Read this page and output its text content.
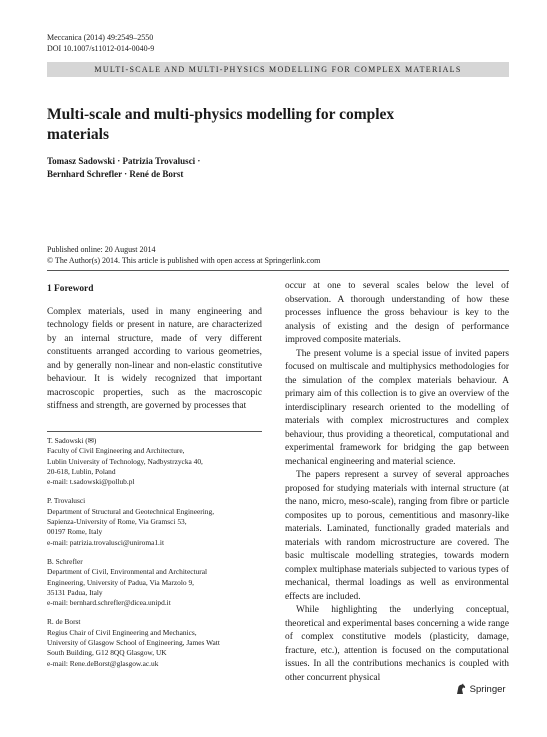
Meccanica (2014) 49:2549–2550
DOI 10.1007/s11012-014-0040-9
MULTI-SCALE AND MULTI-PHYSICS MODELLING FOR COMPLEX MATERIALS
Multi-scale and multi-physics modelling for complex materials
Tomasz Sadowski · Patrizia Trovalusci ·
Bernhard Schrefler · René de Borst
Published online: 20 August 2014
© The Author(s) 2014. This article is published with open access at Springerlink.com

1 Foreword

Complex materials, used in many engineering and technology fields or present in nature, are characterized by an internal structure, made of very different constituents arranged according to various geometries, and by generally non-linear and non-elastic constitutive behaviour. It is widely recognized that important macroscopic properties, such as the macroscopic stiffness and strength, are governed by processes that

T. Sadowski (✉)
Faculty of Civil Engineering and Architecture,
Lublin University of Technology, Nadbystrzycka 40,
20-618, Lublin, Poland
e-mail: t.sadowski@pollub.pl
P. Trovalusci
Department of Structural and Geotechnical Engineering,
Sapienza-University of Rome, Via Gramsci 53,
00197 Rome, Italy
e-mail: patrizia.trovalusci@uniroma1.it
B. Schrefler
Department of Civil, Environmental and Architectural
Engineering, University of Padua, Via Marzolo 9,
35131 Padua, Italy
e-mail: bernhard.schrefler@dicea.unipd.it
R. de Borst
Regius Chair of Civil Engineering and Mechanics,
University of Glasgow School of Engineering, James Watt
South Building, G12 8QQ Glasgow, UK
e-mail: Rene.deBorst@glasgow.ac.uk

occur at one to several scales below the level of observation. A thorough understanding of how these processes influence the gross behaviour is key to the analysis of existing and the design of performance improved composite materials.

The present volume is a special issue of invited papers focused on multiscale and multiphysics methodologies for the simulation of the complex materials behaviour. A primary aim of this collection is to give an overview of the interdisciplinary research oriented to the modelling of materials with complex microstructures and complex behaviour, thus providing a theoretical, computational and experimental framework for bridging the gap between mechanical engineering and material science.

The papers represent a survey of several approaches proposed for studying materials with internal structure (at the nano, micro, meso-scale), ranging from fibre or particle composites up to porous, cementitious and masonry-like materials. Laminated, functionally graded materials and materials with random microstructure are covered. The basic multiscale modelling strategies, towards modern complex multiphase materials subjected to various types of mechanical, thermal loadings as well as environmental effects are included.

While highlighting the underlying conceptual, theoretical and experimental bases concerning a wide range of complex constitutive models (plasticity, damage, fracture, etc.), attention is focused on the computational issues. In all the contributions mechanics is coupled with other concurrent physical

Springer
